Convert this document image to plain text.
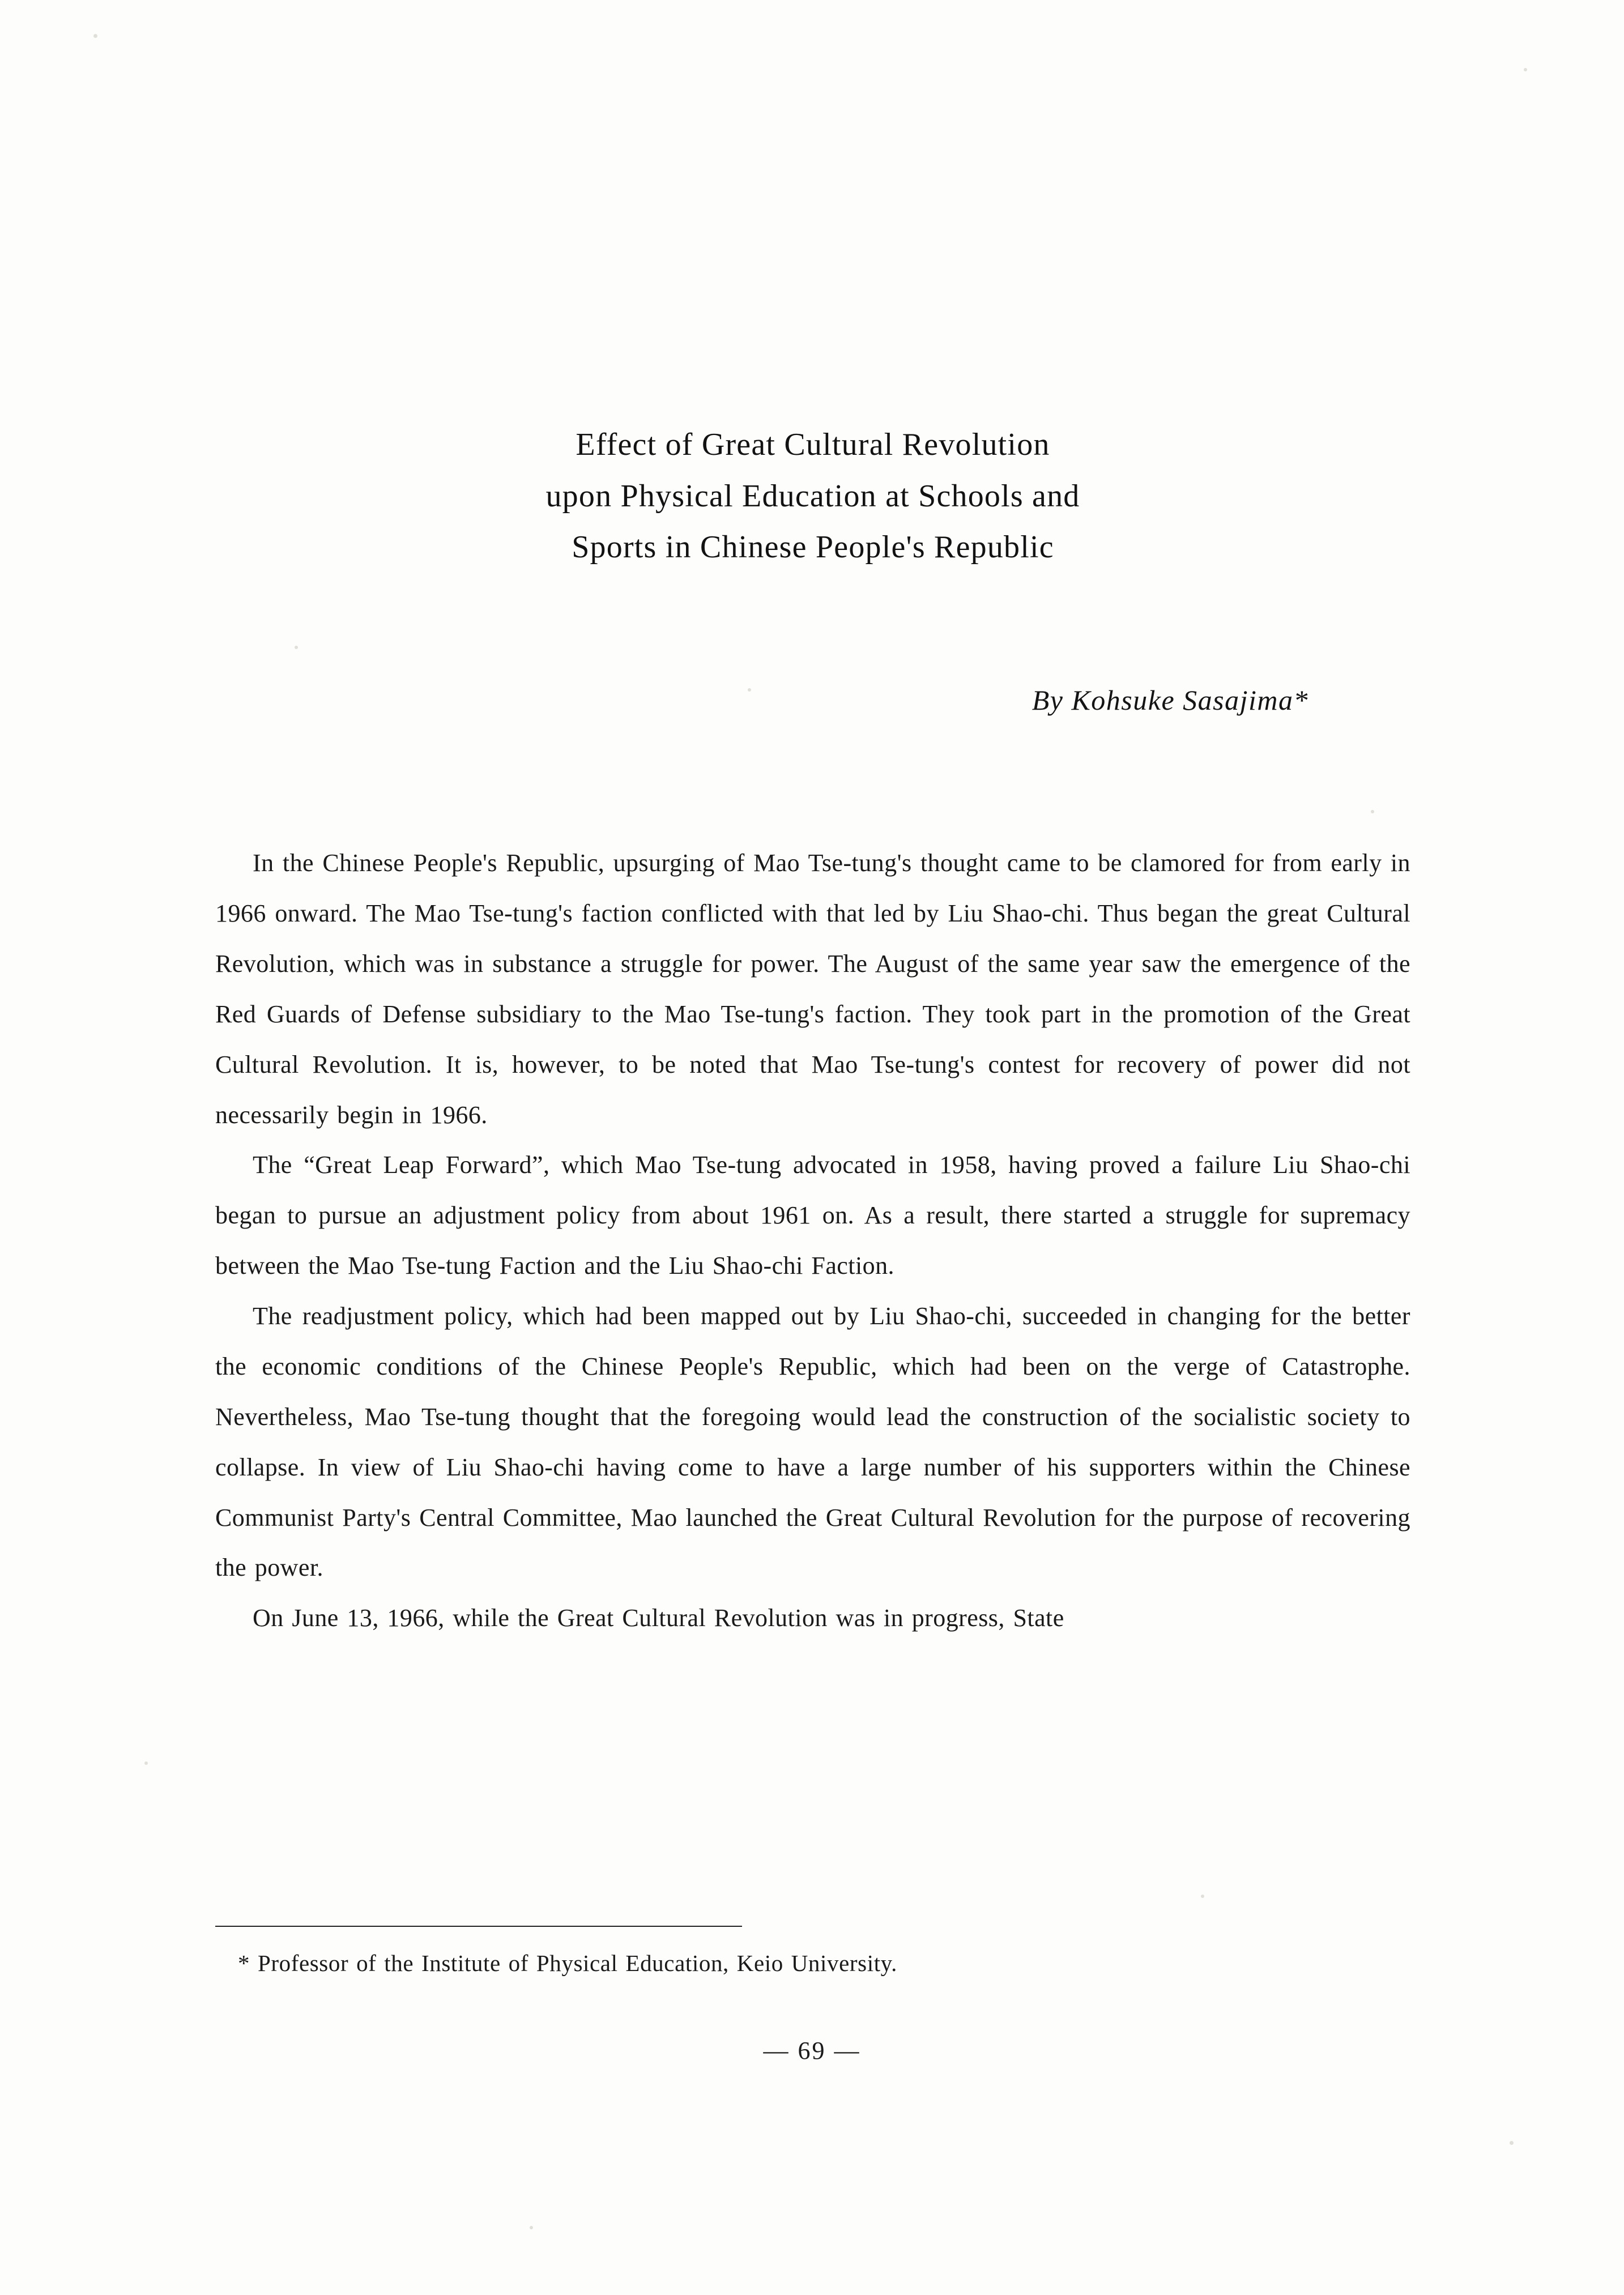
Effect of Great Cultural Revolution
upon Physical Education at Schools and
Sports in Chinese People's Republic
By Kohsuke Sasajima*

In the Chinese People's Republic, upsurging of Mao Tse-tung's thought came to be clamored for from early in 1966 onward. The Mao Tse-tung's faction conflicted with that led by Liu Shao-chi. Thus began the great Cultural Revolution, which was in substance a struggle for power. The August of the same year saw the emergence of the Red Guards of Defense subsidiary to the Mao Tse-tung's faction. They took part in the promotion of the Great Cultural Revolution. It is, however, to be noted that Mao Tse-tung's contest for recovery of power did not necessarily begin in 1966.

The “Great Leap Forward”, which Mao Tse-tung advocated in 1958, having proved a failure Liu Shao-chi began to pursue an adjustment policy from about 1961 on. As a result, there started a struggle for supremacy between the Mao Tse-tung Faction and the Liu Shao-chi Faction.

The readjustment policy, which had been mapped out by Liu Shao-chi, succeeded in changing for the better the economic conditions of the Chinese People's Republic, which had been on the verge of Catastrophe. Nevertheless, Mao Tse-tung thought that the foregoing would lead the construction of the socialistic society to collapse. In view of Liu Shao-chi having come to have a large number of his supporters within the Chinese Communist Party's Central Committee, Mao launched the Great Cultural Revolution for the purpose of recovering the power.

On June 13, 1966, while the Great Cultural Revolution was in progress, State

* Professor of the Institute of Physical Education, Keio University.
— 69 —
